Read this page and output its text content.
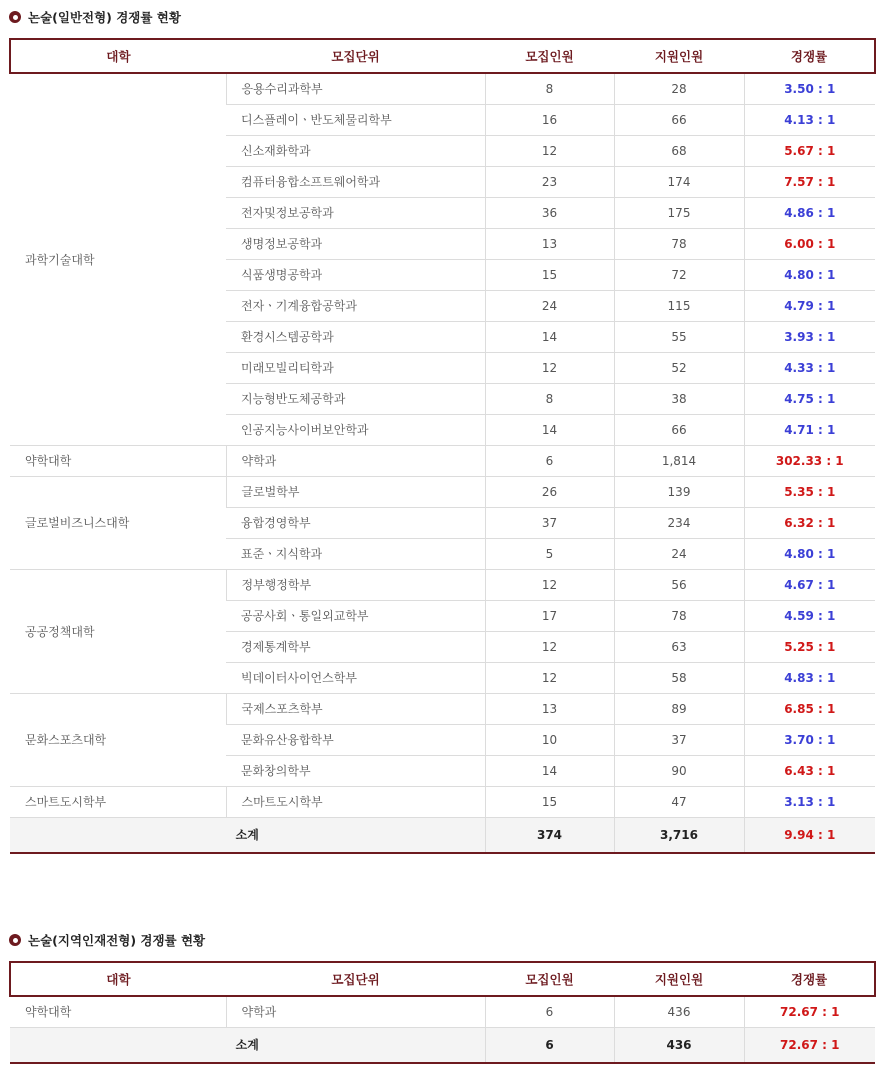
논술(일반전형) 경쟁률 현황
대학	모집단위	모집인원	지원인원	경쟁률
과학기술대학	응용수리과학부	8	28	3.50 : 1
	디스플레이ㆍ반도체물리학부	16	66	4.13 : 1
	신소재화학과	12	68	5.67 : 1
	컴퓨터융합소프트웨어학과	23	174	7.57 : 1
	전자및정보공학과	36	175	4.86 : 1
	생명정보공학과	13	78	6.00 : 1
	식품생명공학과	15	72	4.80 : 1
	전자ㆍ기계융합공학과	24	115	4.79 : 1
	환경시스템공학과	14	55	3.93 : 1
	미래모빌리티학과	12	52	4.33 : 1
	지능형반도체공학과	8	38	4.75 : 1
	인공지능사이버보안학과	14	66	4.71 : 1
약학대학	약학과	6	1,814	302.33 : 1
글로벌비즈니스대학	글로벌학부	26	139	5.35 : 1
	융합경영학부	37	234	6.32 : 1
	표준ㆍ지식학과	5	24	4.80 : 1
공공정책대학	정부행정학부	12	56	4.67 : 1
	공공사회ㆍ통일외교학부	17	78	4.59 : 1
	경제통계학부	12	63	5.25 : 1
	빅데이터사이언스학부	12	58	4.83 : 1
문화스포츠대학	국제스포츠학부	13	89	6.85 : 1
	문화유산융합학부	10	37	3.70 : 1
	문화창의학부	14	90	6.43 : 1
스마트도시학부	스마트도시학부	15	47	3.13 : 1
소계		374	3,716	9.94 : 1
논술(지역인재전형) 경쟁률 현황
대학	모집단위	모집인원	지원인원	경쟁률
약학대학	약학과	6	436	72.67 : 1
소계		6	436	72.67 : 1
